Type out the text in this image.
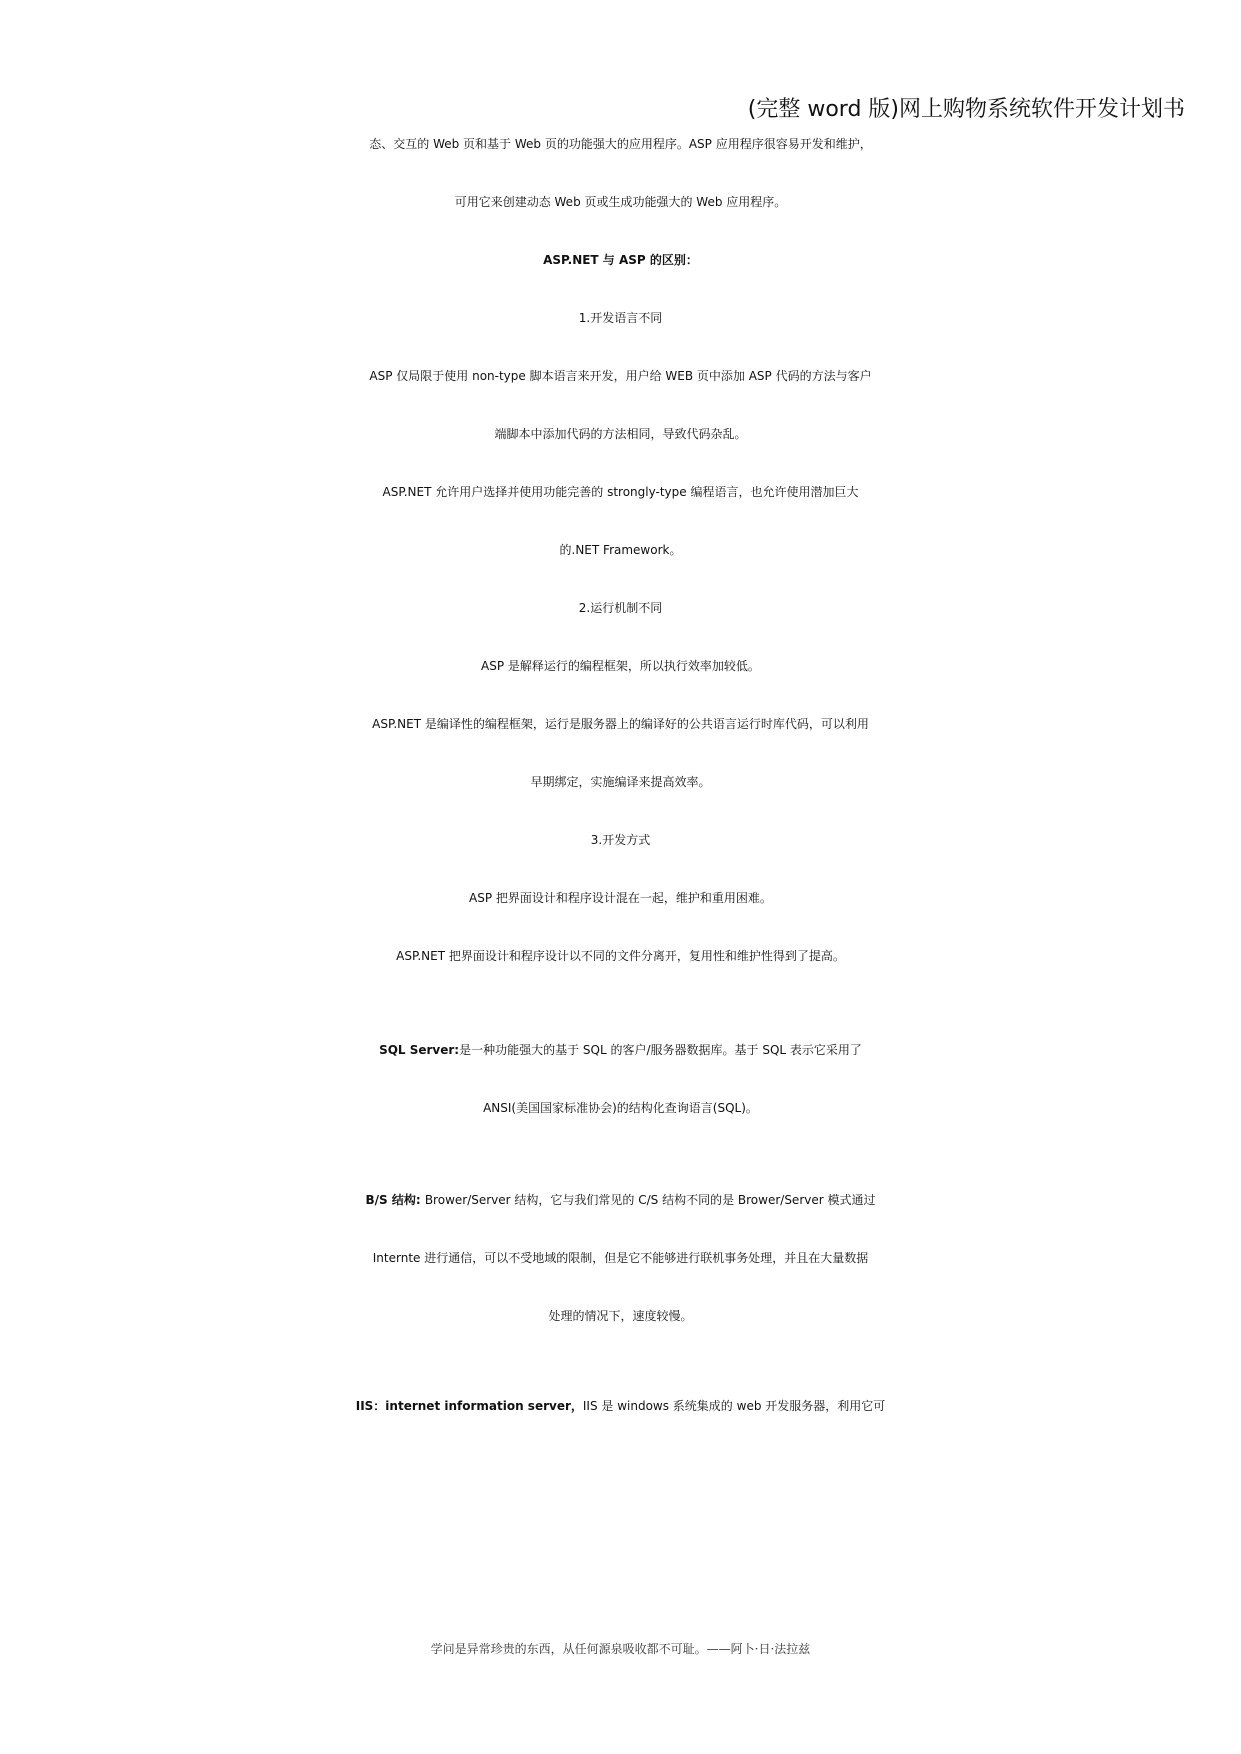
(完整 word 版)网上购物系统软件开发计划书
态、交互的 Web 页和基于 Web 页的功能强大的应用程序。ASP 应用程序很容易开发和维护，
可用它来创建动态 Web 页或生成功能强大的 Web 应用程序。
ASP.NET 与 ASP 的区别：
1.开发语言不同
ASP 仅局限于使用 non-type 脚本语言来开发，用户给 WEB 页中添加 ASP 代码的方法与客户
端脚本中添加代码的方法相同，导致代码杂乱。
ASP.NET 允许用户选择并使用功能完善的 strongly-type 编程语言，也允许使用潜加巨大
的.NET Framework。
2.运行机制不同
ASP 是解释运行的编程框架，所以执行效率加较低。
ASP.NET 是编译性的编程框架，运行是服务器上的编译好的公共语言运行时库代码，可以利用
早期绑定，实施编译来提高效率。
3.开发方式
ASP 把界面设计和程序设计混在一起，维护和重用困难。
ASP.NET 把界面设计和程序设计以不同的文件分离开，复用性和维护性得到了提高。
SQL Server:是一种功能强大的基于 SQL 的客户/服务器数据库。基于 SQL 表示它采用了
ANSI(美国国家标准协会)的结构化查询语言(SQL)。
B/S 结构: Brower/Server 结构，它与我们常见的 C/S 结构不同的是 Brower/Server 模式通过
Internte 进行通信，可以不受地域的限制，但是它不能够进行联机事务处理，并且在大量数据
处理的情况下，速度较慢。
IIS：internet information server，IIS 是 windows 系统集成的 web 开发服务器，利用它可
学问是异常珍贵的东西，从任何源泉吸收都不可耻。——阿卜·日·法拉兹
